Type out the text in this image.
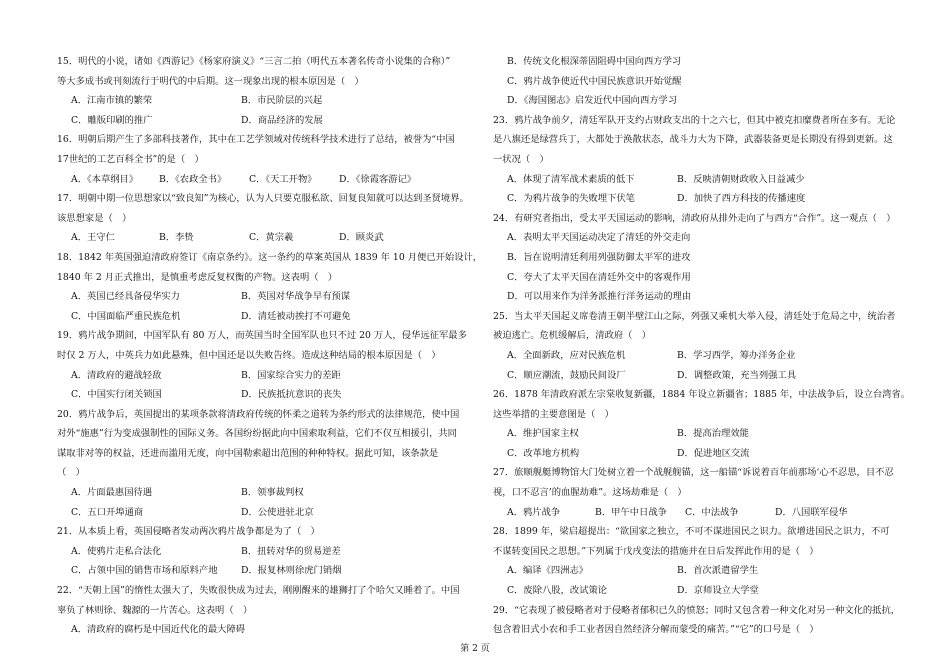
15．明代的小说，诸如《西游记》《杨家府演义》“三言二拍（明代五本著名传奇小说集的合称）”
等大多成书或刊刻流行于明代的中后期。这一现象出现的根本原因是（　）
A．江南市镇的繁荣	B．市民阶层的兴起
C．雕版印刷的推广	D．商品经济的发展
16．明朝后期产生了多部科技著作，其中在工艺学领域对传统科学技术进行了总结，被誉为“中国
17世纪的工艺百科全书”的是（　）
A．《本草纲目》	B．《农政全书》	C．《天工开物》	D．《徐霞客游记》
17．明朝中期一位思想家以“致良知”为核心，认为人只要克服私欲、回复良知就可以达到圣贤境界。
该思想家是（　）
A．王守仁	B．李贽	C．黄宗羲	D．顾炎武
18．1842 年英国强迫清政府签订《南京条约》。这一条约的草案英国从 1839 年 10 月便已开始设计，
1840 年 2 月正式推出，是慎重考虑反复权衡的产物。这表明（　）
A．英国已经具备侵华实力	B．英国对华战争早有预谋
C．中国面临严重民族危机	D．清廷被动挨打不可避免
19．鸦片战争期间，中国军队有 80 万人，而英国当时全国军队也只不过 20 万人，侵华远征军最多
时仅 2 万人，中英兵力如此悬殊，但中国还是以失败告终。造成这种结局的根本原因是（　）
A．清政府的避战轻敌	B．国家综合实力的差距
C．中国实行闭关锁国	D．民族抵抗意识的丧失
20．鸦片战争后，英国提出的某项条款将清政府传统的怀柔之道转为条约形式的法律规范，使中国
对外“施惠”行为变成强制性的国际义务。各国纷纷据此向中国索取利益，它们不仅互相援引，共同
谋取非对等的权益，还进而滥用无度，向中国勒索超出范围的种种特权。据此可知，该条款是
（　）
A．片面最惠国待遇	B．领事裁判权
C．五口开埠通商	D．公使进驻北京
21．从本质上看，英国侵略者发动两次鸦片战争都是为了（　）
A．使鸦片走私合法化	B．扭转对华的贸易逆差
C．占领中国的销售市场和原料产地	D．报复林则徐虎门销烟
22．“天朝上国”的惰性太强大了，失败很快成为过去，刚刚醒来的雄狮打了个哈欠又睡着了。中国
辜负了林则徐、魏源的一片苦心。这表明（　）
A．清政府的腐朽是中国近代化的最大障碍
B．传统文化根深蒂固阻碍中国向西方学习
C．鸦片战争使近代中国民族意识开始觉醒
D．《海国图志》启发近代中国向西方学习
23．鸦片战争前夕，清廷军队开支约占财政支出的十之六七，但其中被克扣糜费者所在多有。无论
是八旗还是绿营兵丁，大都处于涣散状态，战斗力大为下降，武器装备更是长期没有得到更新。这
一状况（　）
A．体现了清军战术素质的低下	B．反映清朝财政收入日益减少
C．为鸦片战争的失败埋下伏笔	D．加快了西方科技的传播速度
24．有研究者指出，受太平天国运动的影响，清政府从排外走向了与西方“合作”。这一观点（　）
A．表明太平天国运动决定了清廷的外交走向
B．旨在说明清廷利用列强防御太平军的进攻
C．夸大了太平天国在清廷外交中的客观作用
D．可以用来作为洋务派推行洋务运动的理由
25．当太平天国起义席卷清王朝半壁江山之际，列强又乘机大举入侵，清廷处于危局之中，统治者
被迫逃亡。危机缓解后，清政府（　）
A．全面新政，应对民族危机	B．学习西学，筹办洋务企业
C．顺应潮流，鼓励民间设厂	D．调整政策，充当列强工具
26．1878 年清政府派左宗棠收复新疆，1884 年设立新疆省；1885 年，中法战争后，设立台湾省。
这些举措的主要意图是（　）
A．维护国家主权	B．提高治理效能
C．改革地方机构	D．促进地区交流
27．旅顺舰艇博物馆大门处树立着一个战舰舰锚，这一船锚“诉说着百年前那场‘心不忍思，目不忍
视，口不忍言’的血腥劫难”。这场劫难是（　）
A．鸦片战争	B．甲午中日战争	C．中法战争	D．八国联军侵华
28．1899 年，梁启超提出：“欲国家之独立，不可不谋进国民之识力。欲增进国民之识力，不可
不谋转变国民之思想。”下列属于戊戌变法的措施并在日后发挥此作用的是（　）
A．编译《四洲志》	B．首次派遣留学生
C．废除八股，改试策论	D．京师设立大学堂
29．“它表现了被侵略者对于侵略者郁积已久的愤怒；同时又包含着一种文化对另一种文化的抵抗，
包含着旧式小农和手工业者因自然经济分解而蒙受的痛苦。”“它”的口号是（　）
第 2 页
